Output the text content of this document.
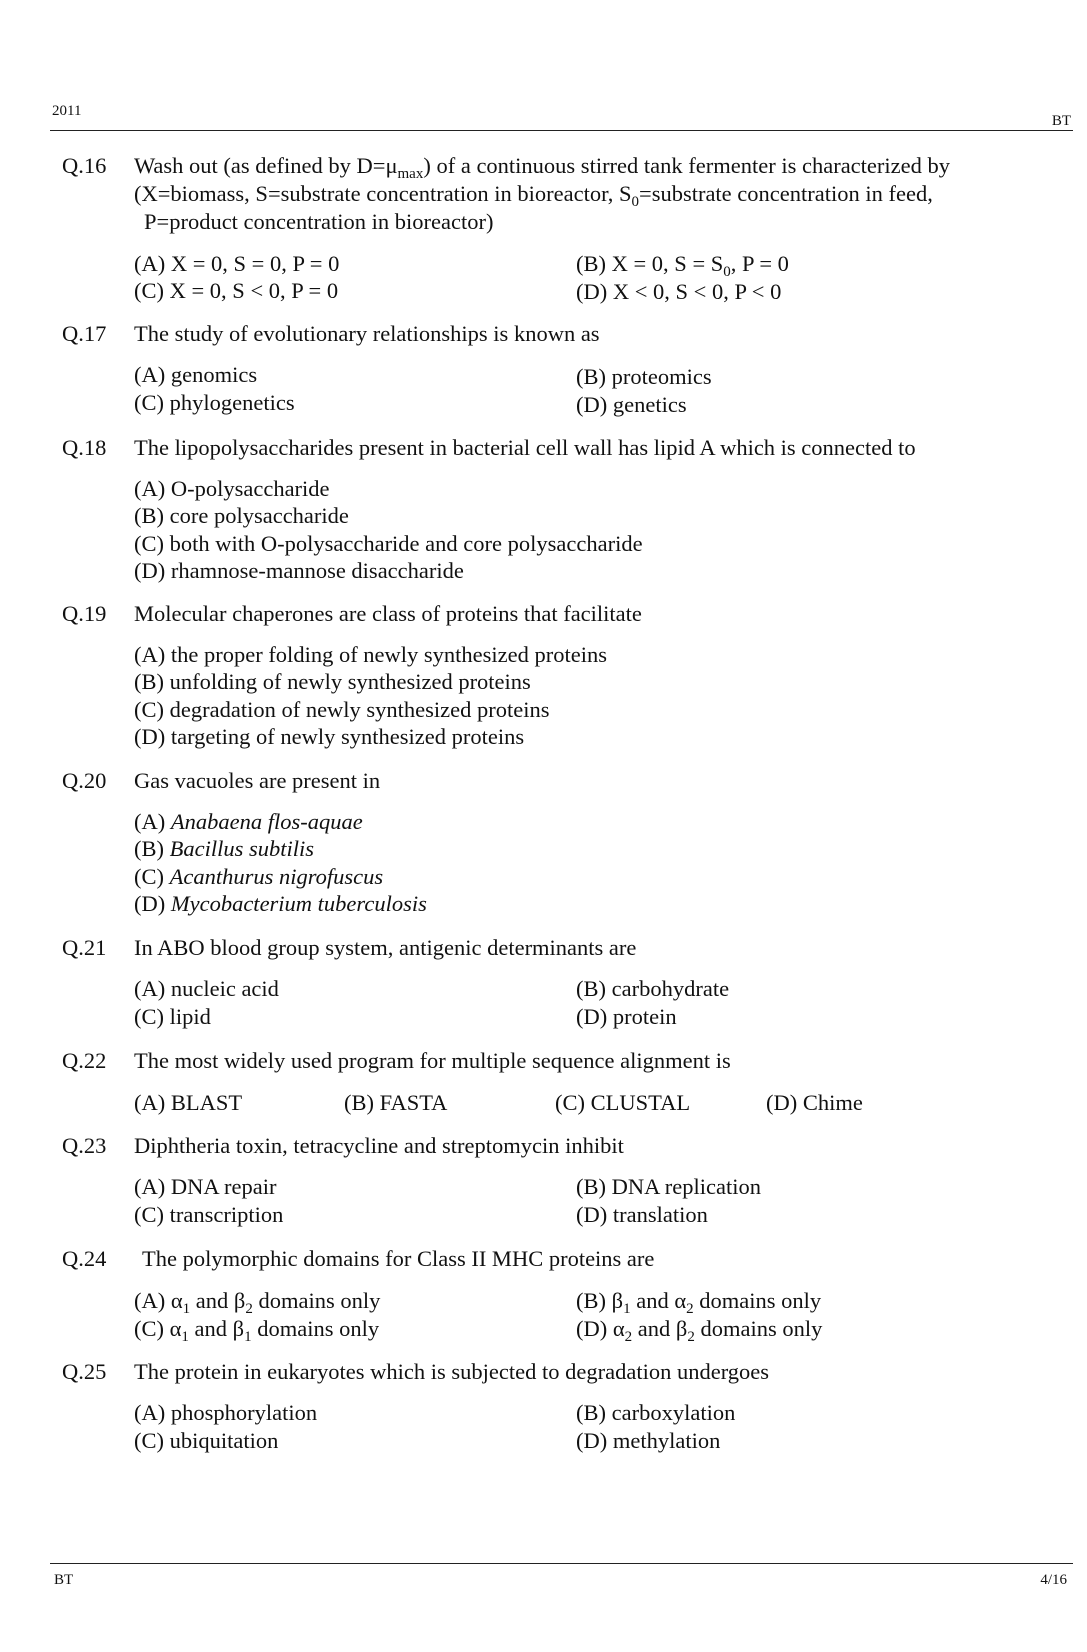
2011
BT
Q.16 Wash out (as defined by $D=\mu_{max}$) of a continuous stirred tank fermenter is characterized by
(X=biomass, S=substrate concentration in bioreactor, $S_0=substrate$ concentration in feed,
P=product concentration in bioreactor)
(A) X = 0, S = 0, P = 0	(B) X = 0, $S = S_0$, P = 0
(C) X = 0, S < 0, P = 0	(D) X < 0, S < 0, P < 0
Q.17 The study of evolutionary relationships is known as
(A) genomics	(B) proteomics
(C) phylogenetics	(D) genetics
Q.18 The lipopolysaccharides present in bacterial cell wall has lipid A which is connected to
(A) O-polysaccharide
(B) core polysaccharide
(C) both with O-polysaccharide and core polysaccharide
(D) rhamnose-mannose disaccharide
Q.19 Molecular chaperones are class of proteins that facilitate
(A) the proper folding of newly synthesized proteins
(B) unfolding of newly synthesized proteins
(C) degradation of newly synthesized proteins
(D) targeting of newly synthesized proteins
Q.20 Gas vacuoles are present in
(A) Anabaena flos-aquae
(B) Bacillus subtilis
(C) Acanthurus nigrofuscus
(D) Mycobacterium tuberculosis
Q.21 In ABO blood group system, antigenic determinants are
(A) nucleic acid	(B) carbohydrate
(C) lipid	(D) protein
Q.22 The most widely used program for multiple sequence alignment is
(A) BLAST	(B) FASTA	(C) CLUSTAL	(D) Chime
Q.23 Diphtheria toxin, tetracycline and streptomycin inhibit
(A) DNA repair	(B) DNA replication
(C) transcription	(D) translation
Q.24 The polymorphic domains for Class II MHC proteins are
(A) $\alpha_1$ and $\beta_2$ domains only	(B) $\beta_1$ and $\alpha_2$ domains only
(C) $\alpha_1$ and $\beta_1$ domains only	(D) $\alpha_2$ and $\beta_2$ domains only
Q.25 The protein in eukaryotes which is subjected to degradation undergoes
(A) phosphorylation	(B) carboxylation
(C) ubiquitation	(D) methylation
BT	4/16
